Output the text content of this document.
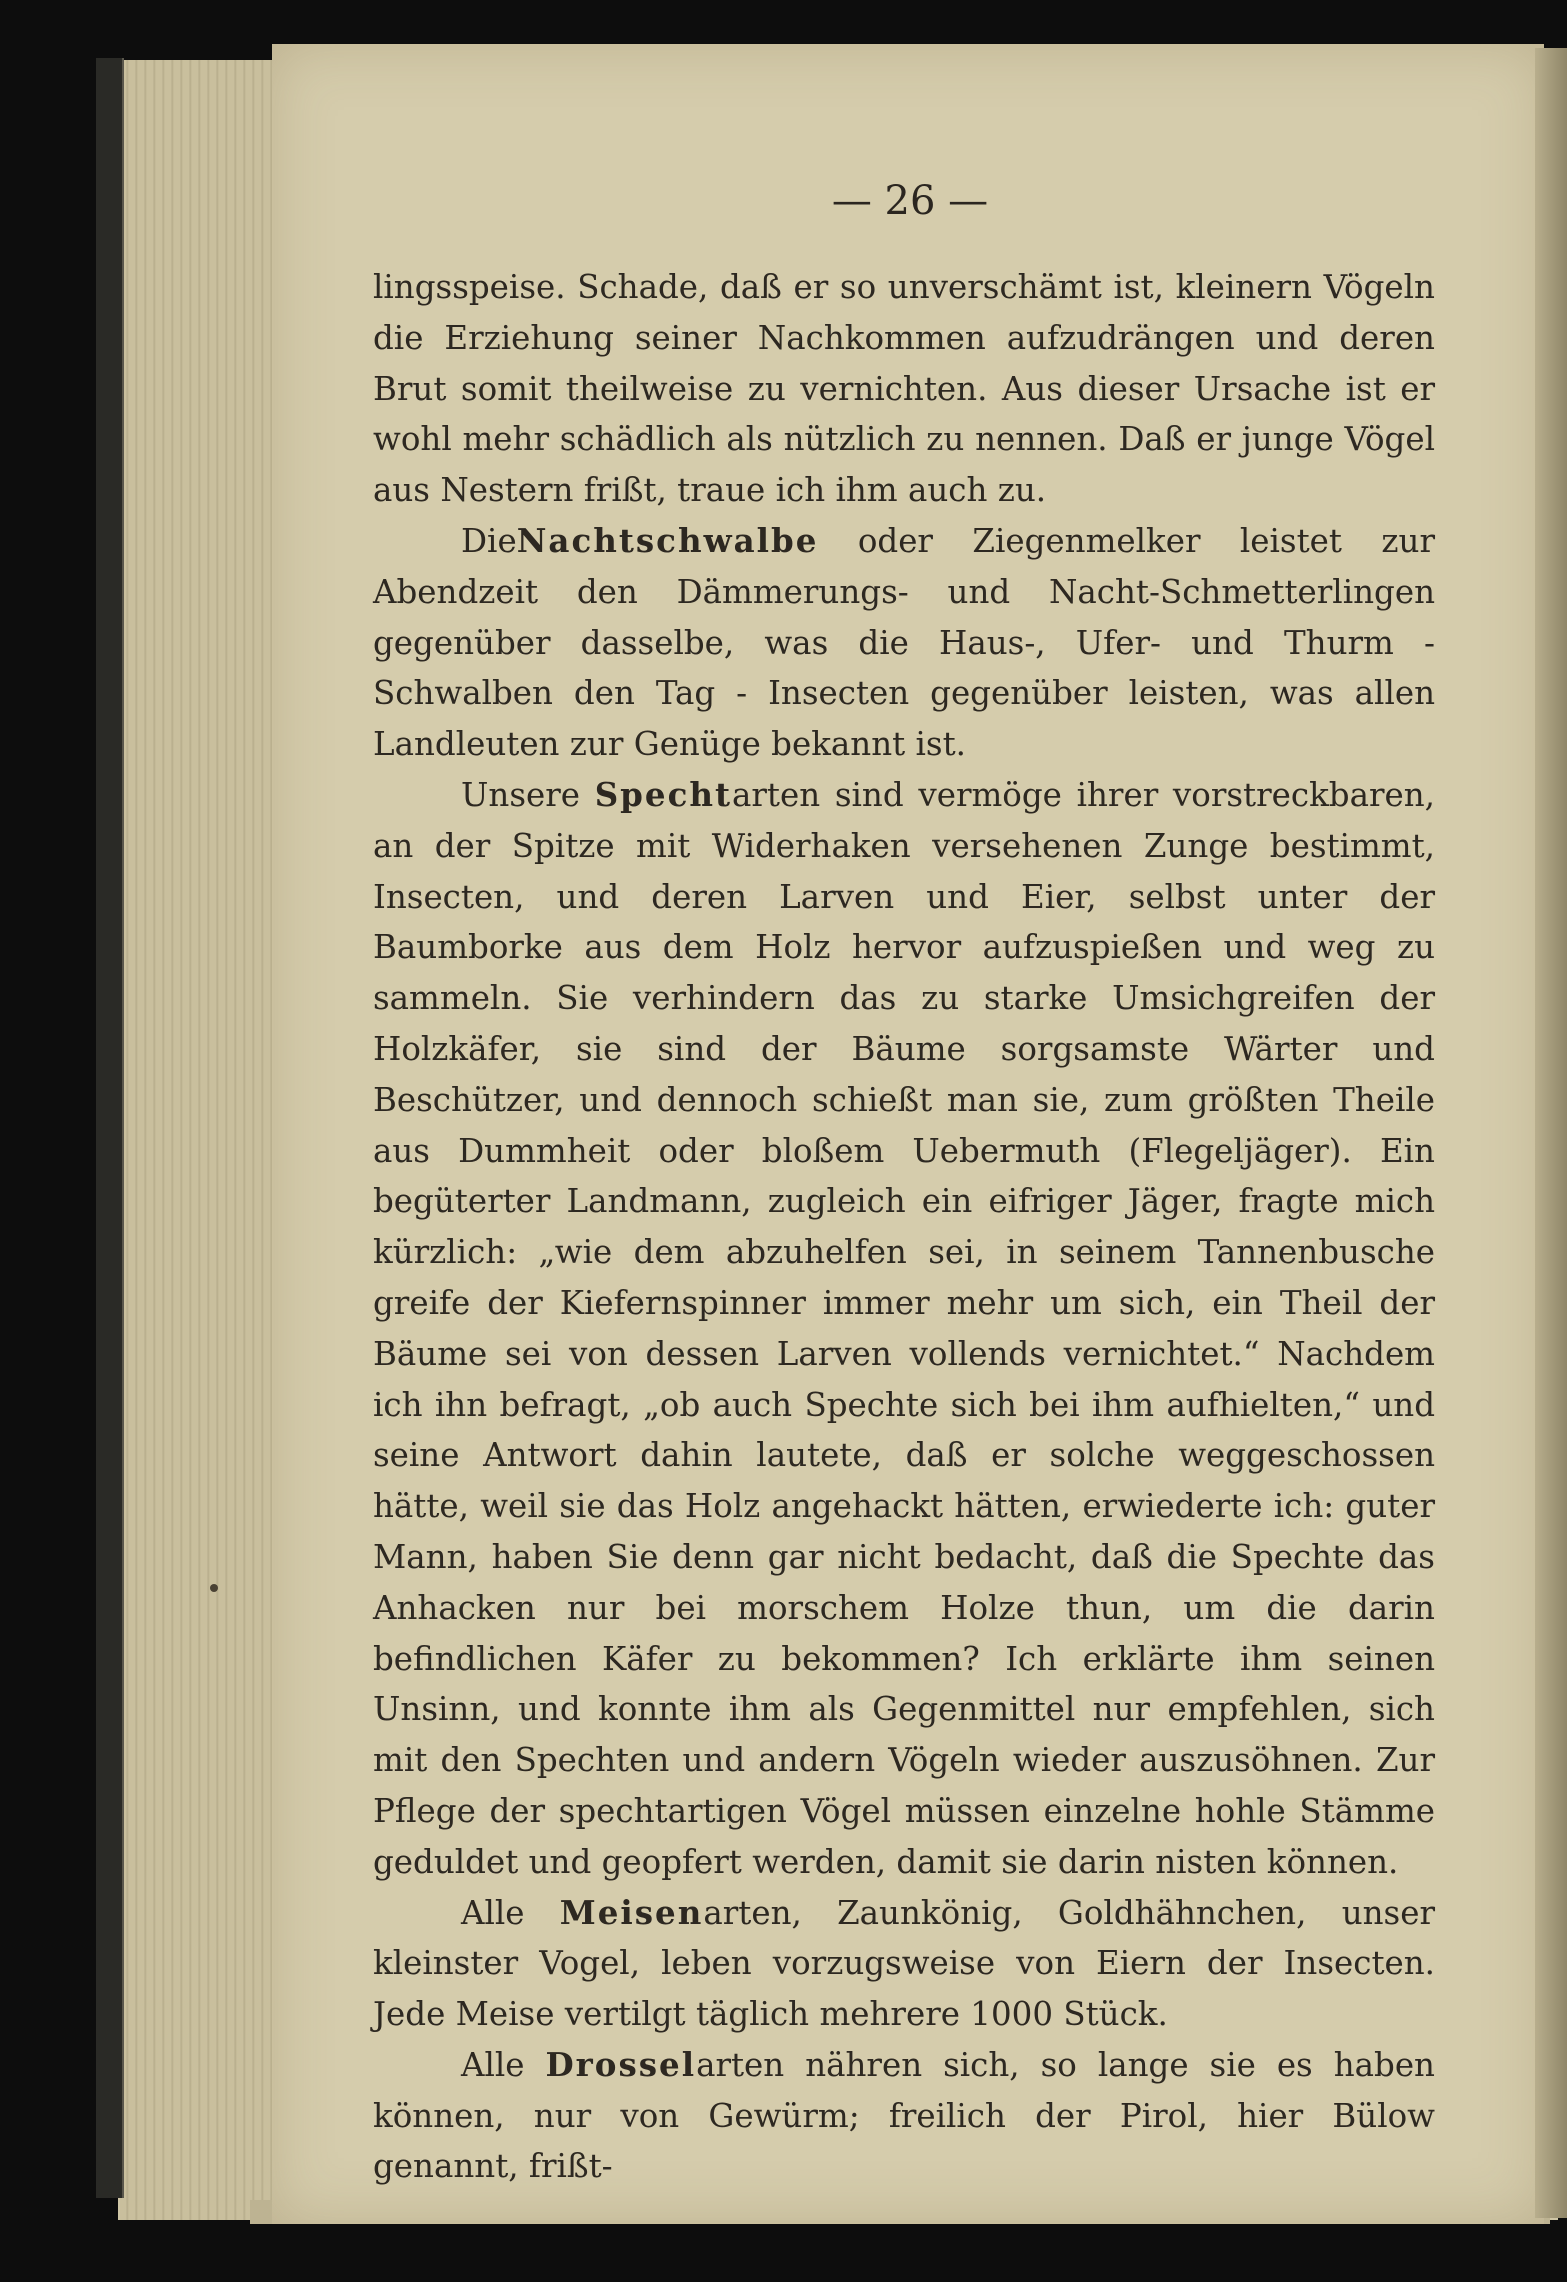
— 26 —

lingsspeise. Schade, daß er so unverschämt ist, kleinern Vögeln die Erziehung seiner Nachkommen aufzudrängen und deren Brut somit theilweise zu vernichten. Aus dieser Ursache ist er wohl mehr schädlich als nützlich zu nennen. Daß er junge Vögel aus Nestern frißt, traue ich ihm auch zu.

DieNachtschwalbe oder Ziegenmelker leistet zur Abendzeit den Dämmerungs- und Nacht-Schmetterlingen gegenüber dasselbe, was die Haus-, Ufer- und Thurm - Schwalben den Tag - Insecten gegenüber leisten, was allen Landleuten zur Genüge bekannt ist.

Unsere Spechtarten sind vermöge ihrer vorstreckbaren, an der Spitze mit Widerhaken versehenen Zunge bestimmt, Insecten, und deren Larven und Eier, selbst unter der Baumborke aus dem Holz hervor aufzuspießen und weg zu sammeln. Sie verhindern das zu starke Umsichgreifen der Holzkäfer, sie sind der Bäume sorgsamste Wärter und Beschützer, und dennoch schießt man sie, zum größten Theile aus Dummheit oder bloßem Uebermuth (Flegeljäger). Ein begüterter Landmann, zugleich ein eifriger Jäger, fragte mich kürzlich: „wie dem abzuhelfen sei, in seinem Tannenbusche greife der Kiefernspinner immer mehr um sich, ein Theil der Bäume sei von dessen Larven vollends vernichtet.“ Nachdem ich ihn befragt, „ob auch Spechte sich bei ihm aufhielten,“ und seine Antwort dahin lautete, daß er solche weggeschossen hätte, weil sie das Holz angehackt hätten, erwiederte ich: guter Mann, haben Sie denn gar nicht bedacht, daß die Spechte das Anhacken nur bei morschem Holze thun, um die darin befindlichen Käfer zu bekommen? Ich erklärte ihm seinen Unsinn, und konnte ihm als Gegenmittel nur empfehlen, sich mit den Spechten und andern Vögeln wieder auszusöhnen. Zur Pflege der spechtartigen Vögel müssen einzelne hohle Stämme geduldet und geopfert werden, damit sie darin nisten können.

Alle Meisenarten, Zaunkönig, Goldhähnchen, unser kleinster Vogel, leben vorzugsweise von Eiern der Insecten. Jede Meise vertilgt täglich mehrere 1000 Stück.

Alle Drosselarten nähren sich, so lange sie es haben können, nur von Gewürm; freilich der Pirol, hier Bülow genannt, frißt-
